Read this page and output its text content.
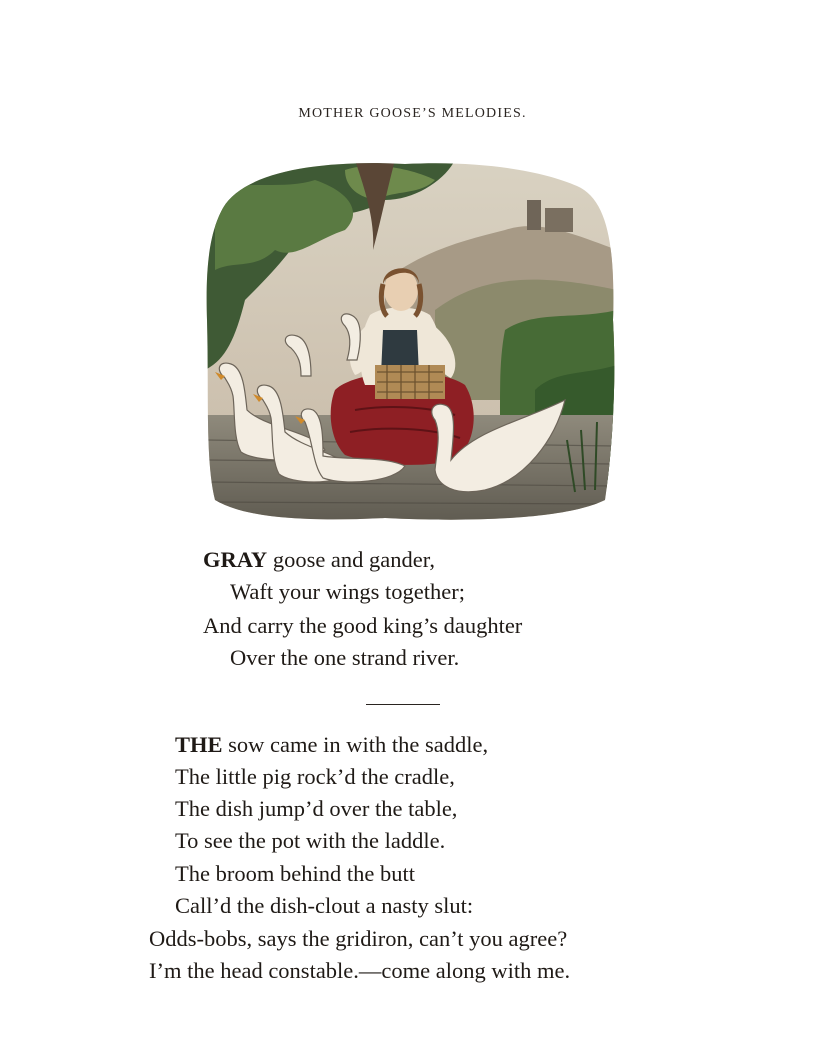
MOTHER GOOSE’S MELODIES.
GRAY goose and gander,
Waft your wings together;
And carry the good king’s daughter
Over the one strand river.
THE sow came in with the saddle,
The little pig rock’d the cradle,
The dish jump’d over the table,
To see the pot with the laddle.
The broom behind the butt
Call’d the dish-clout a nasty slut:
Odds-bobs, says the gridiron, can’t you agree?
I’m the head constable.—come along with me.
